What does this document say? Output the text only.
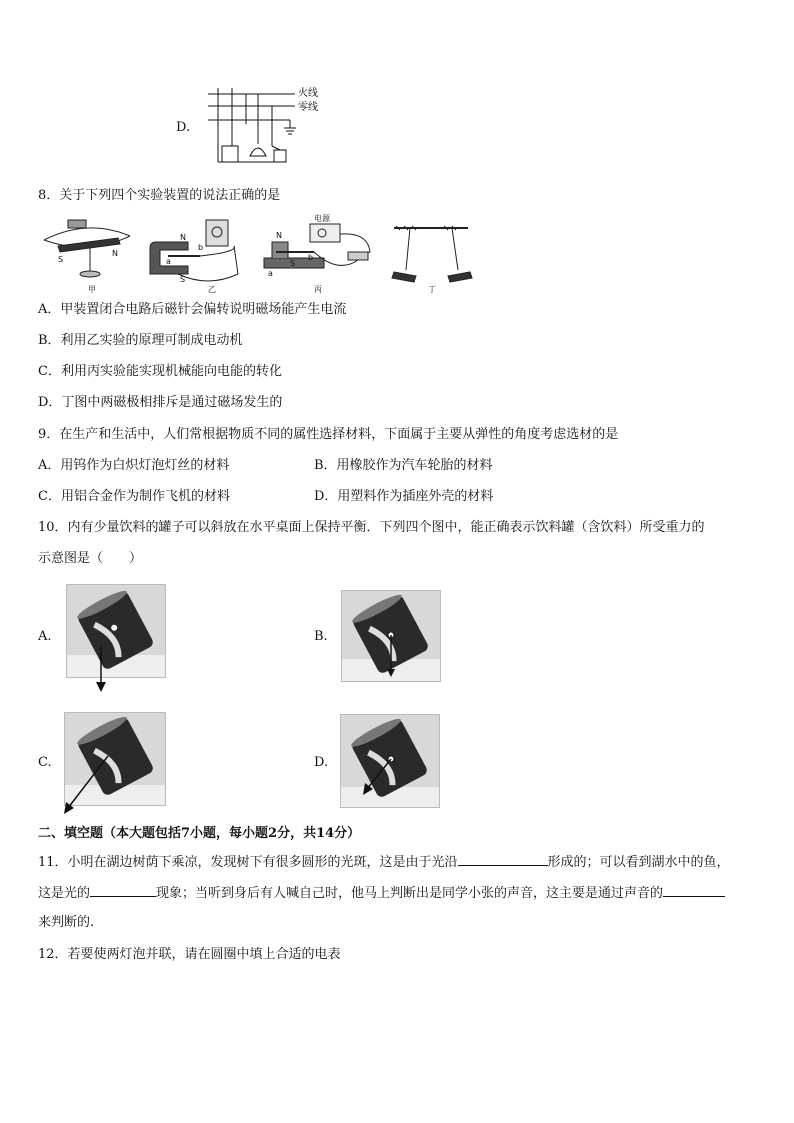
D.
火线
零线
8．关于下列四个实验装置的说法正确的是
S
N
N
S
a
b
N
S
a
b
电源
甲	乙	丙	丁
A．甲装置闭合电路后磁针会偏转说明磁场能产生电流
B．利用乙实验的原理可制成电动机
C．利用丙实验能实现机械能向电能的转化
D．丁图中两磁极相排斥是通过磁场发生的
9．在生产和生活中，人们常根据物质不同的属性选择材料，下面属于主要从弹性的角度考虑选材的是
A．用钨作为白炽灯泡灯丝的材料	B．用橡胶作为汽车轮胎的材料
C．用铝合金作为制作飞机的材料	D．用塑料作为插座外壳的材料
10．内有少量饮料的罐子可以斜放在水平桌面上保持平衡．下列四个图中，能正确表示饮料罐（含饮料）所受重力的
示意图是（　　）
A.	B.
C.	D.
二、填空题（本大题包括7小题，每小题2分，共14分）
11．小明在湖边树荫下乘凉，发现树下有很多圆形的光斑，这是由于光沿	形成的；可以看到湖水中的鱼，
这是光的	现象；当听到身后有人喊自己时，他马上判断出是同学小张的声音，这主要是通过声音的
来判断的.
12．若要使两灯泡并联，请在圆圈中填上合适的电表
